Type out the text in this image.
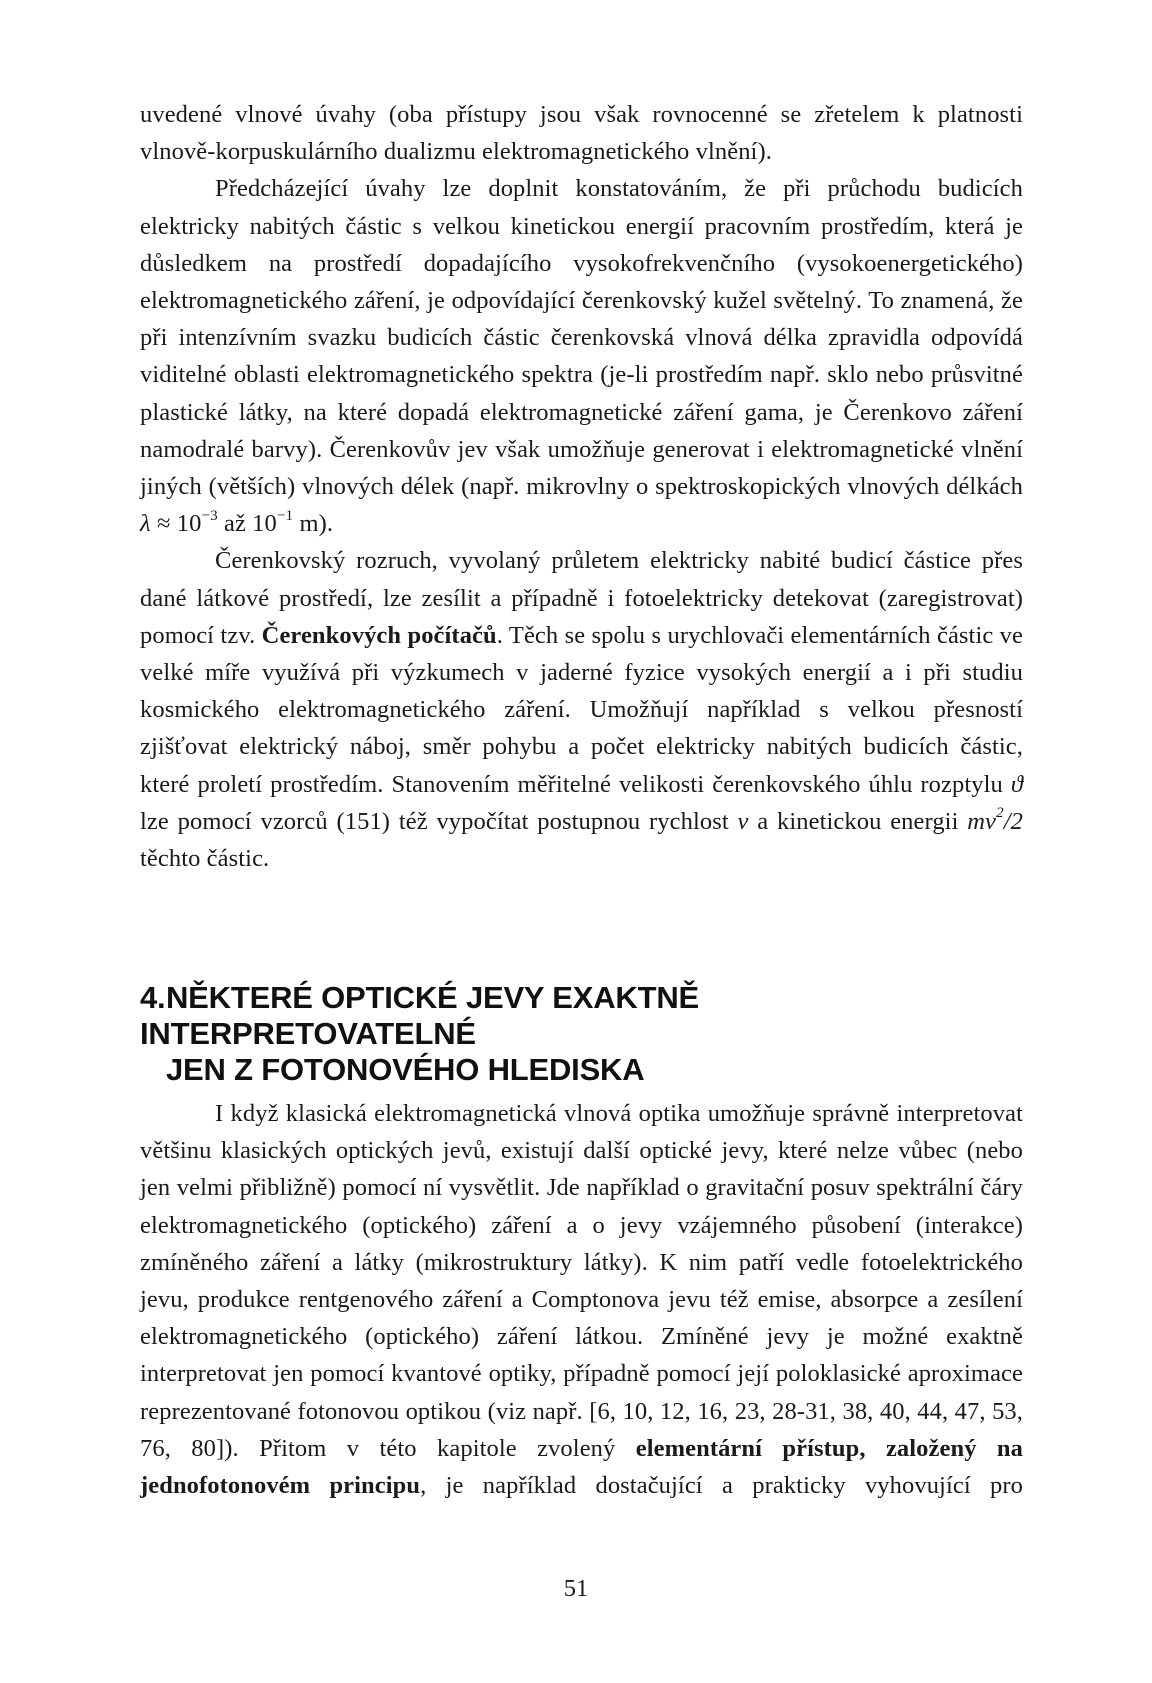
uvedené vlnové úvahy (oba přístupy jsou však rovnocenné se zřetelem k platnosti vlnově-korpuskulárního dualizmu elektromagnetického vlnění).

Předcházející úvahy lze doplnit konstatováním, že při průchodu budicích elektricky nabitých částic s velkou kinetickou energií pracovním prostředím, která je důsledkem na prostředí dopadajícího vysokofrekvenčního (vysokoenergetického) elektromagnetického záření, je odpovídající čerenkovský kužel světelný. To znamená, že při intenzívním svazku budicích částic čerenkovská vlnová délka zpravidla odpovídá viditelné oblasti elektromagnetického spektra (je-li prostředím např. sklo nebo průsvitné plastické látky, na které dopadá elektromagnetické záření gama, je Čerenkovo záření namodralé barvy). Čerenkovův jev však umožňuje generovat i elektromagnetické vlnění jiných (větších) vlnových délek (např. mikrovlny o spektroskopických vlnových délkách $\lambda \approx 10^{-3}$ až $10^{-1}$ m).

Čerenkovský rozruch, vyvolaný průletem elektricky nabité budicí částice přes dané látkové prostředí, lze zesílit a případně i fotoelektricky detekovat (zaregistrovat) pomocí tzv. Čerenkových počítačů. Těch se spolu s urychlovači elementárních částic ve velké míře využívá při výzkumech v jaderné fyzice vysokých energií a i při studiu kosmického elektromagnetického záření. Umožňují například s velkou přesností zjišťovat elektrický náboj, směr pohybu a počet elektricky nabitých budicích částic, které proletí prostředím. Stanovením měřitelné velikosti čerenkovského úhlu rozptylu ϑ lze pomocí vzorců (151) též vypočítat postupnou rychlost v a kinetickou energii $mv^2/2$ těchto částic.

4.NĚKTERÉ OPTICKÉ JEVY EXAKTNĚ INTERPRETOVATELNÉ
JEN Z FOTONOVÉHO HLEDISKA

I když klasická elektromagnetická vlnová optika umožňuje správně interpretovat většinu klasických optických jevů, existují další optické jevy, které nelze vůbec (nebo jen velmi přibližně) pomocí ní vysvětlit. Jde například o gravitační posuv spektrální čáry elektromagnetického (optického) záření a o jevy vzájemného působení (interakce) zmíněného záření a látky (mikrostruktury látky). K nim patří vedle fotoelektrického jevu, produkce rentgenového záření a Comptonova jevu též emise, absorpce a zesílení elektromagnetického (optického) záření látkou. Zmíněné jevy je možné exaktně interpretovat jen pomocí kvantové optiky, případně pomocí její poloklasické aproximace reprezentované fotonovou optikou (viz např. [6, 10, 12, 16, 23, 28-31, 38, 40, 44, 47, 53, 76, 80]). Přitom v této kapitole zvolený elementární přístup, založený na jednofotonovém principu, je například dostačující a prakticky vyhovující pro

51
